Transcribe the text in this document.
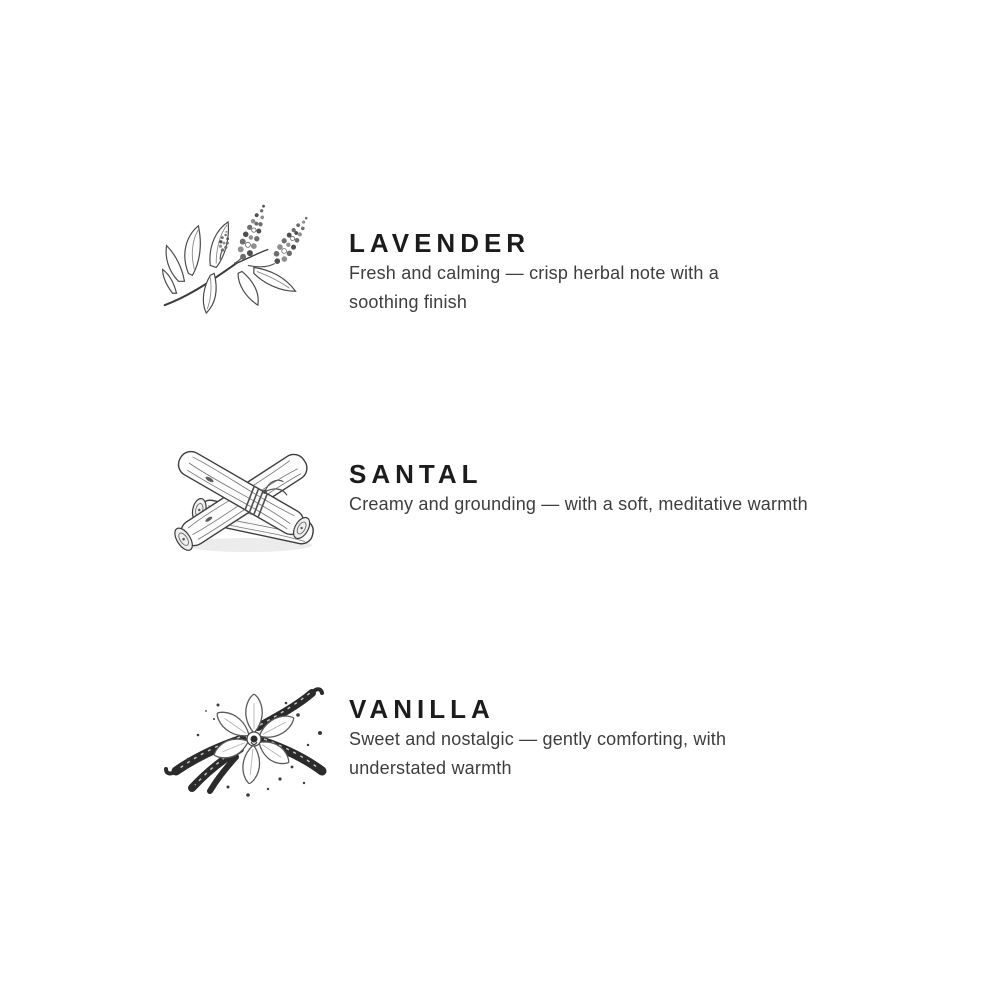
LAVENDER

Fresh and calming — crisp herbal note with a soothing finish

SANTAL

Creamy and grounding — with a soft, meditative warmth

VANILLA

Sweet and nostalgic — gently comforting, with understated warmth
